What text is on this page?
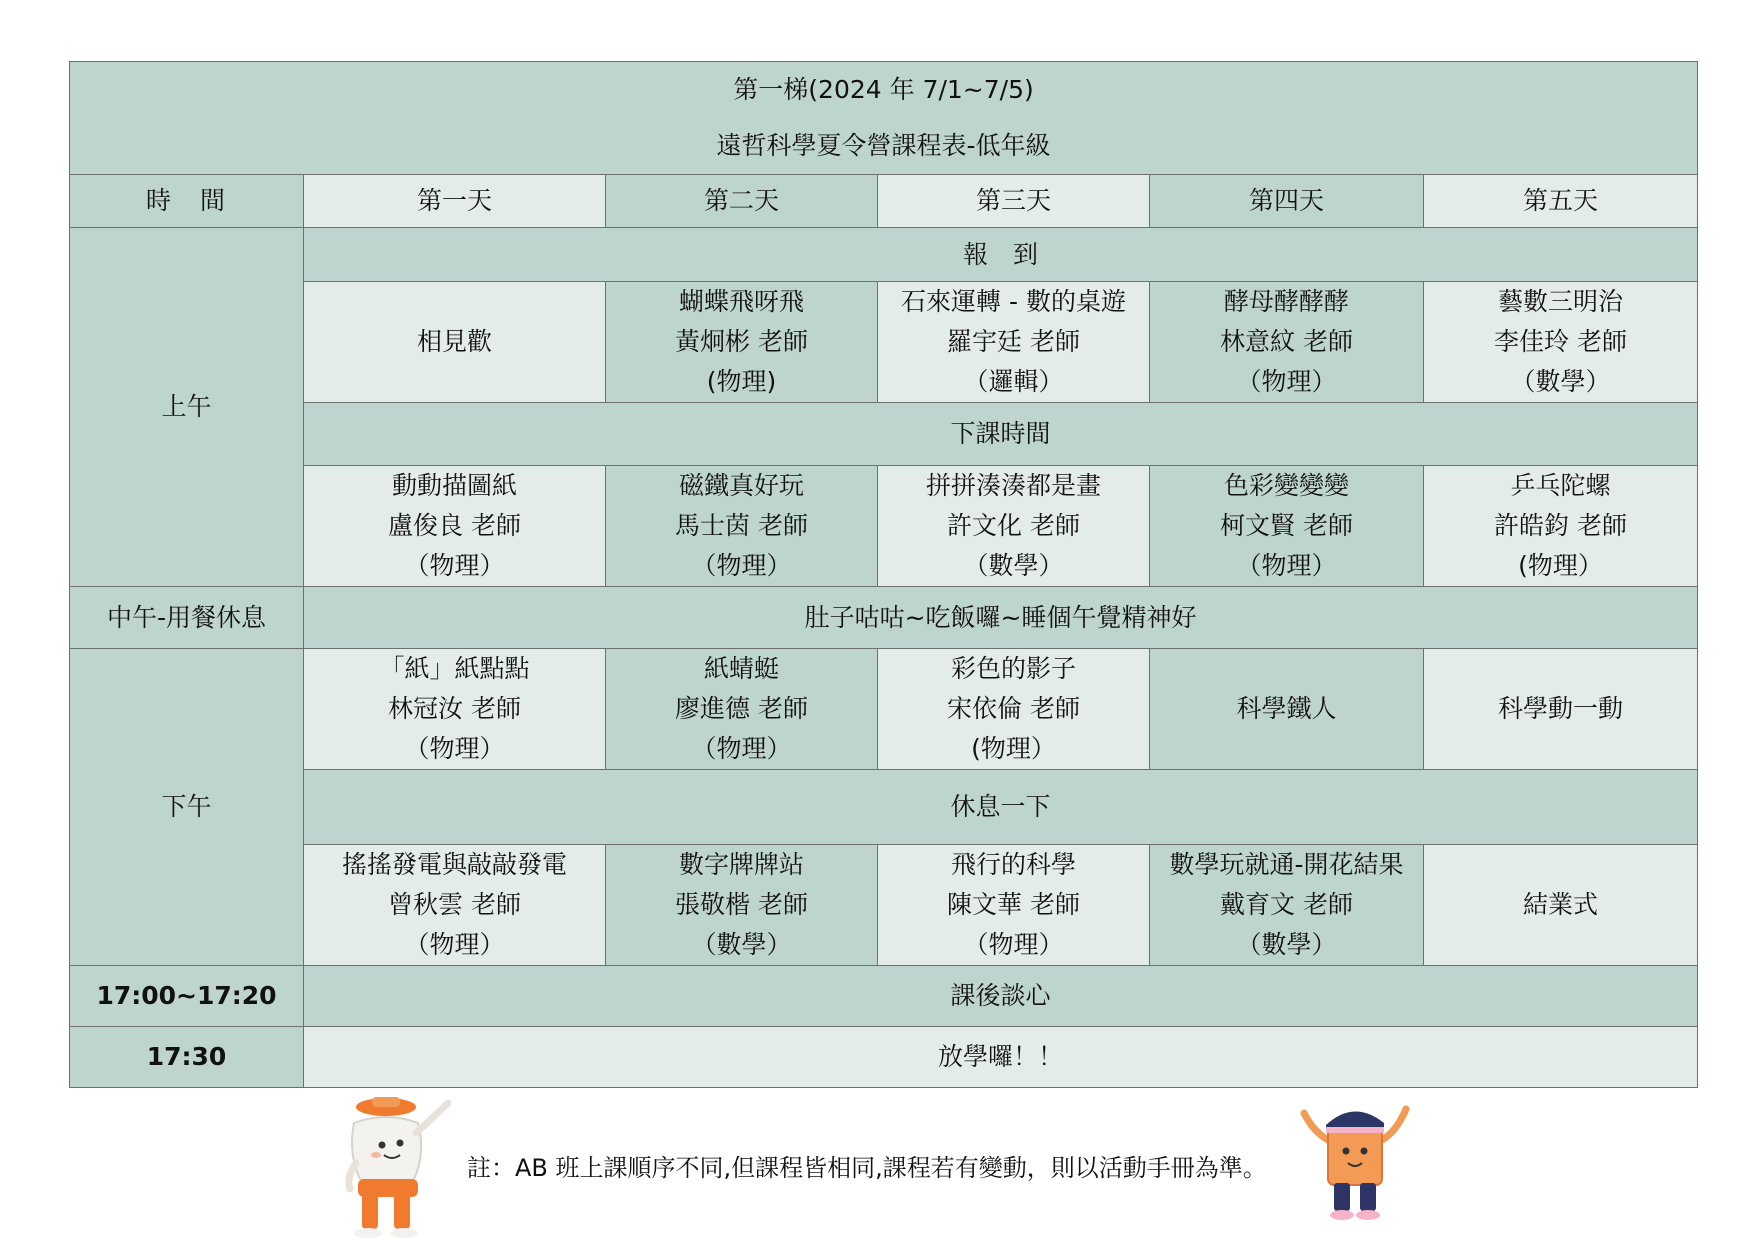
第一梯(2024 年 7/1~7/5)
遠哲科學夏令營課程表-低年級					

時　間	第一天	第二天	第三天	第四天	第五天
上午	報　到				

	相見歡	蝴蝶飛呀飛
黃炯彬 老師
(物理)	石來運轉 - 數的桌遊
羅宇廷 老師
（邏輯）	酵母酵酵酵
林意紋 老師
（物理）	藝數三明治
李佳玲 老師
（數學）

	下課時間				

	動動描圖紙
盧俊良 老師
（物理）	磁鐵真好玩
馬士茵 老師
（物理）	拼拼湊湊都是畫
許文化 老師
（數學）	色彩變變變
柯文賢 老師
（物理）	乒乓陀螺
許皓鈞 老師
(物理）

中午-用餐休息	肚子咕咕~吃飯囉~睡個午覺精神好				
下午	「紙」紙點點
林冠汝 老師
（物理）	紙蜻蜓
廖進德 老師
（物理）	彩色的影子
宋依倫 老師
(物理）	科學鐵人	科學動一動

	休息一下				

	搖搖發電與敲敲發電
曾秋雲 老師
（物理）	數字牌牌站
張敬楷 老師
（數學）	飛行的科學
陳文華 老師
（物理）	數學玩就通-開花結果
戴育文 老師
（數學）	結業式

17:00~17:20	課後談心				
17:30	放學囉！！				
註：AB 班上課順序不同,但課程皆相同,課程若有變動，則以活動手冊為準。
